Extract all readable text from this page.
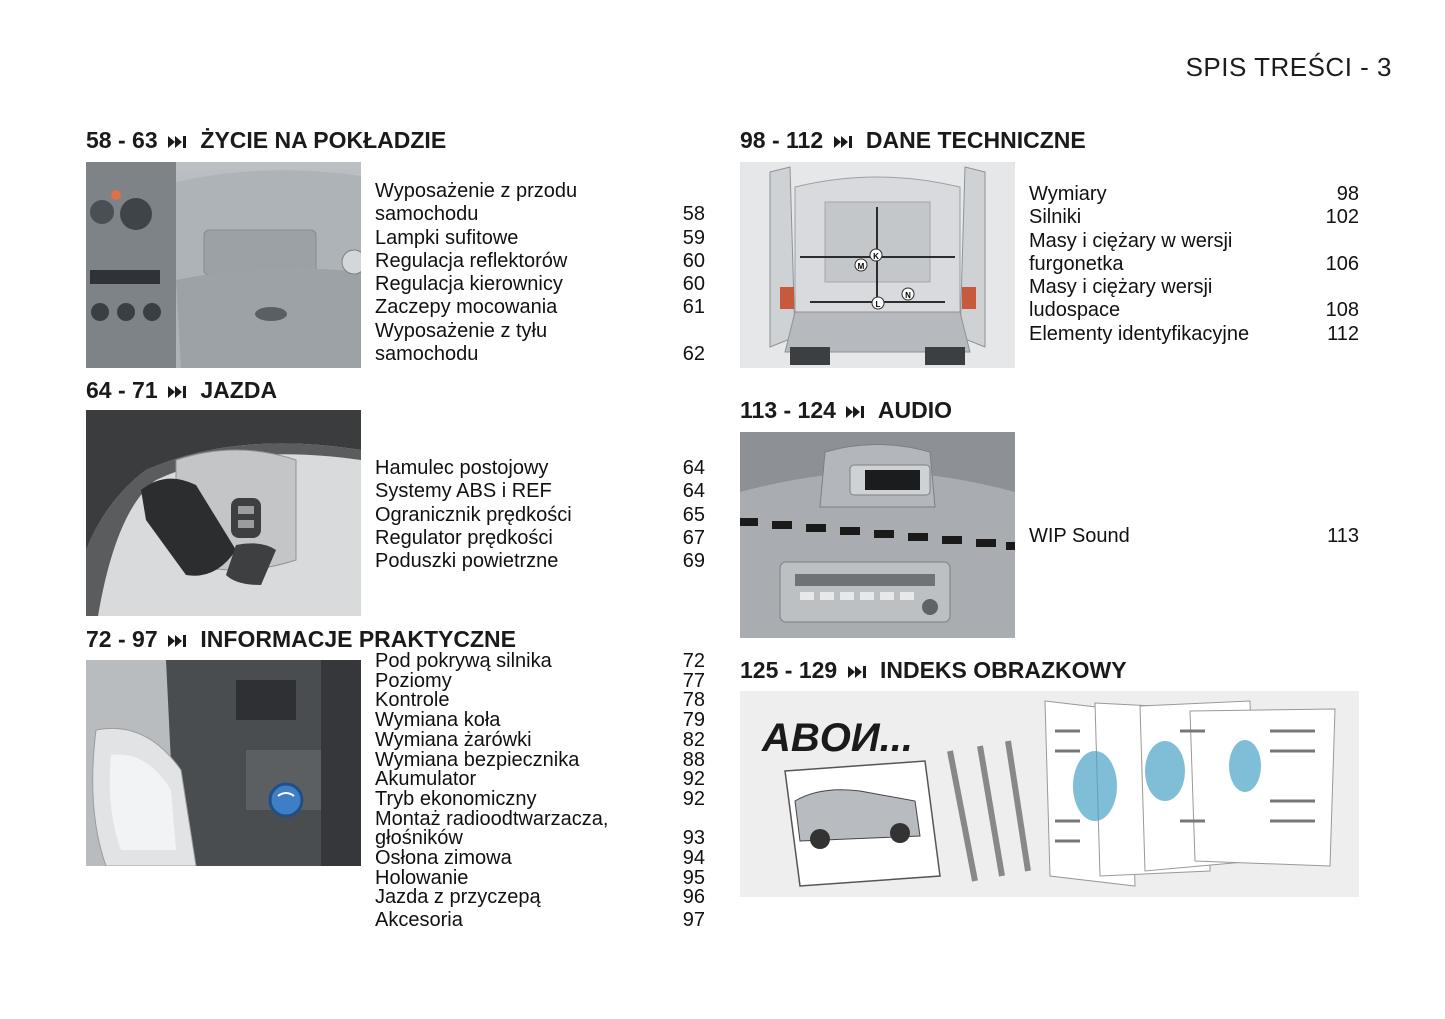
SPIS TREŚCI - 3
58 - 63 ŻYCIE NA POKŁADZIE
Wyposażenie z przodu
samochodu	58
Lampki sufitowe	59
Regulacja reflektorów	60
Regulacja kierownicy	60
Zaczepy mocowania	61
Wyposażenie z tyłu
samochodu	62
64 - 71 JAZDA
Hamulec postojowy	64
Systemy ABS i REF	64
Ogranicznik prędkości	65
Regulator prędkości	67
Poduszki powietrzne	69
72 - 97 INFORMACJE PRAKTYCZNE
Pod pokrywą silnika	72
Poziomy	77
Kontrole	78
Wymiana koła	79
Wymiana żarówki	82
Wymiana bezpiecznika	88
Akumulator	92
Tryb ekonomiczny	92
Montaż radioodtwarzacza,
głośników	93
Osłona zimowa	94
Holowanie	95
Jazda z przyczepą	96
Akcesoria	97
98 - 112 DANE TECHNICZNE
K
M
L
N
Wymiary	98
Silniki	102
Masy i ciężary w wersji
furgonetka	106
Masy i ciężary wersji
ludospace	108
Elementy identyfikacyjne	112
113 - 124 AUDIO
WIP Sound	113
125 - 129 INDEKS OBRAZKOWY
ABOИ...
